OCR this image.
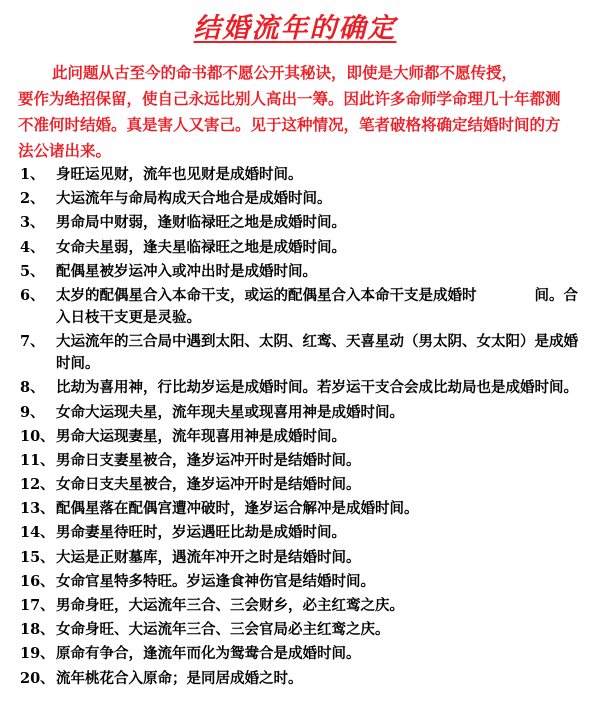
结婚流年的确定

此问题从古至今的命书都不愿公开其秘诀，即使是大师都不愿传授，

要作为绝招保留，使自己永远比别人高出一筹。因此许多命师学命理几十年都测不准何时结婚。真是害人又害己。见于这种情况，笔者破格将确定结婚时间的方法公诸出来。

1、 身旺运见财，流年也见财是成婚时间。
2、 大运流年与命局构成天合地合是成婚时间。
3、 男命局中财弱，逢财临禄旺之地是成婚时间。
4、 女命夫星弱，逢夫星临禄旺之地是成婚时间。
5、 配偶星被岁运冲入或冲出时是成婚时间。
6、 太岁的配偶星合入本命干支，或运的配偶星合入本命干支是成婚时　　　　间。合入日枝干支更是灵验。
7、 大运流年的三合局中遇到太阳、太阴、红鸾、天喜星动（男太阴、女太阳）是成婚时间。
8、 比劫为喜用神，行比劫岁运是成婚时间。若岁运干支合会成比劫局也是成婚时间。
9、 女命大运现夫星，流年现夫星或现喜用神是成婚时间。
10、 男命大运现妻星，流年现喜用神是成婚时间。
11、 男命日支妻星被合，逢岁运冲开时是结婚时间。
12、 女命日支夫星被合，逢岁运冲开时是结婚时间。
13、 配偶星落在配偶宫遭冲破时，逢岁运合解冲是成婚时间。
14、 男命妻星待旺时，岁运遇旺比劫是成婚时间。
15、 大运是正财墓库，遇流年冲开之时是结婚时间。
16、 女命官星特多特旺。岁运逢食神伤官是结婚时间。
17、 男命身旺，大运流年三合、三会财乡，必主红鸾之庆。
18、 女命身旺、大运流年三合、三会官局必主红鸾之庆。
19、 原命有争合，逢流年而化为鸳鸯合是成婚时间。
20、 流年桃花合入原命；是同居成婚之时。
